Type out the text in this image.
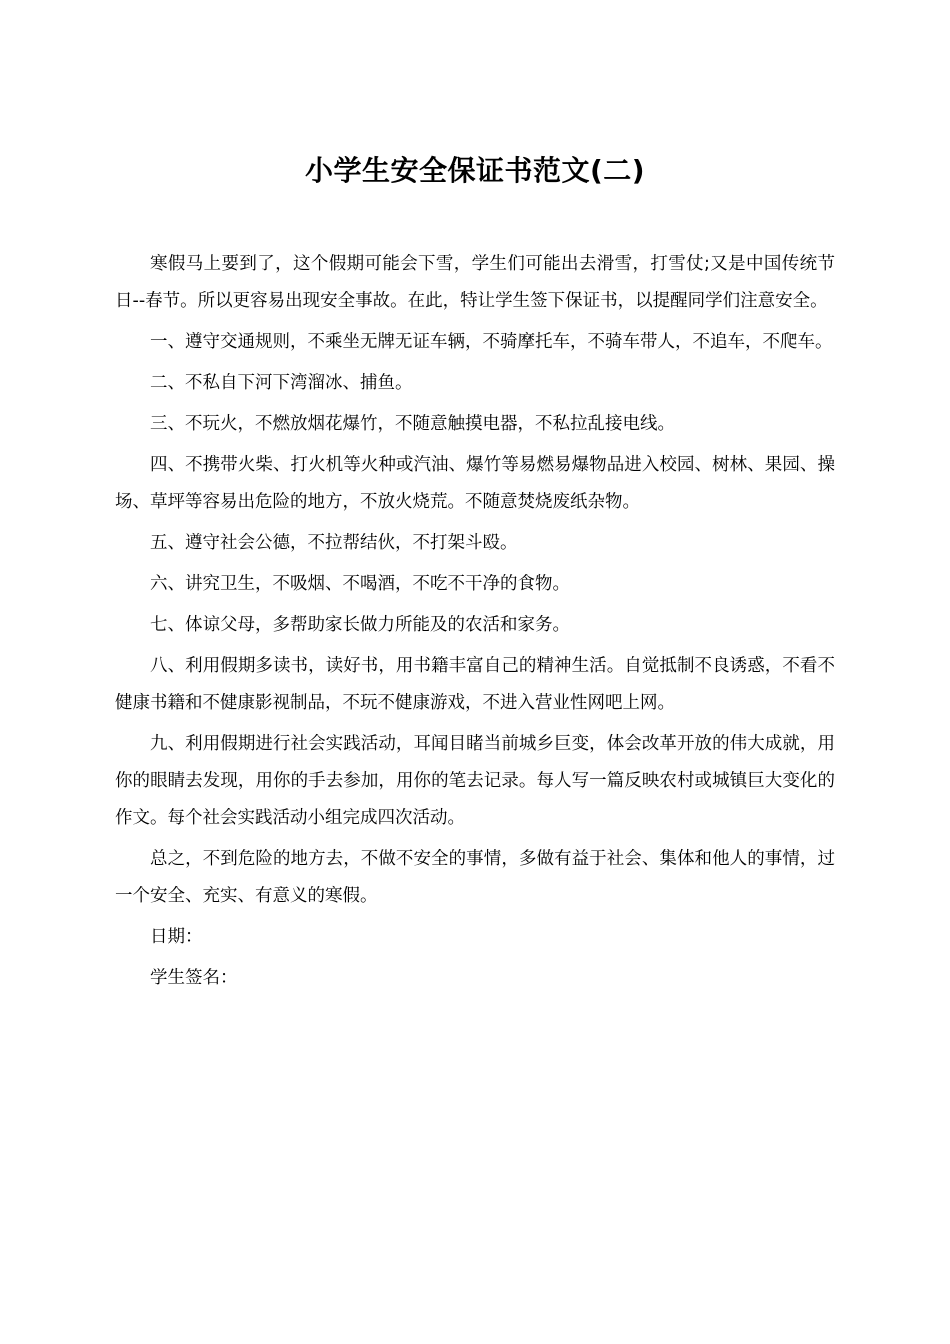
小学生安全保证书范文(二)

寒假马上要到了，这个假期可能会下雪，学生们可能出去滑雪，打雪仗;又是中国传统节日--春节。所以更容易出现安全事故。在此，特让学生签下保证书，以提醒同学们注意安全。

一、遵守交通规则，不乘坐无牌无证车辆，不骑摩托车，不骑车带人，不追车，不爬车。

二、不私自下河下湾溜冰、捕鱼。

三、不玩火，不燃放烟花爆竹，不随意触摸电器，不私拉乱接电线。

四、不携带火柴、打火机等火种或汽油、爆竹等易燃易爆物品进入校园、树林、果园、操场、草坪等容易出危险的地方，不放火烧荒。不随意焚烧废纸杂物。

五、遵守社会公德，不拉帮结伙，不打架斗殴。

六、讲究卫生，不吸烟、不喝酒，不吃不干净的食物。

七、体谅父母，多帮助家长做力所能及的农活和家务。

八、利用假期多读书，读好书，用书籍丰富自己的精神生活。自觉抵制不良诱惑，不看不健康书籍和不健康影视制品，不玩不健康游戏，不进入营业性网吧上网。

九、利用假期进行社会实践活动，耳闻目睹当前城乡巨变，体会改革开放的伟大成就，用你的眼睛去发现，用你的手去参加，用你的笔去记录。每人写一篇反映农村或城镇巨大变化的作文。每个社会实践活动小组完成四次活动。

总之，不到危险的地方去，不做不安全的事情，多做有益于社会、集体和他人的事情，过一个安全、充实、有意义的寒假。

日期：

学生签名：
